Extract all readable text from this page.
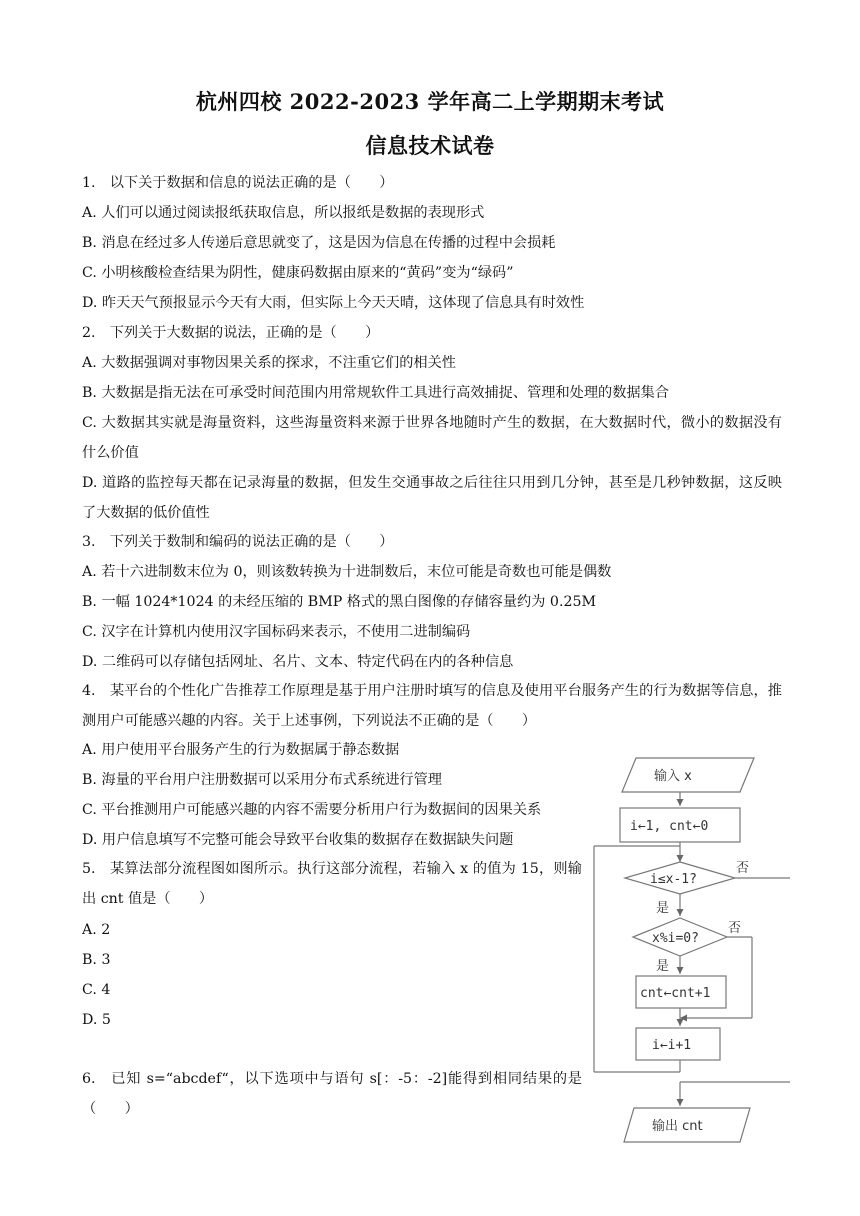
杭州四校 2022-2023 学年高二上学期期末考试
信息技术试卷
1.　以下关于数据和信息的说法正确的是（　　）
A. 人们可以通过阅读报纸获取信息，所以报纸是数据的表现形式
B. 消息在经过多人传递后意思就变了，这是因为信息在传播的过程中会损耗
C. 小明核酸检查结果为阴性，健康码数据由原来的“黄码”变为“绿码”
D. 昨天天气预报显示今天有大雨，但实际上今天天晴，这体现了信息具有时效性
2.　下列关于大数据的说法，正确的是（　　）
A. 大数据强调对事物因果关系的探求，不注重它们的相关性
B. 大数据是指无法在可承受时间范围内用常规软件工具进行高效捕捉、管理和处理的数据集合
C. 大数据其实就是海量资料，这些海量资料来源于世界各地随时产生的数据，在大数据时代，微小的数据没有什么价值
D. 道路的监控每天都在记录海量的数据，但发生交通事故之后往往只用到几分钟，甚至是几秒钟数据，这反映了大数据的低价值性
3.　下列关于数制和编码的说法正确的是（　　）
A. 若十六进制数末位为 0，则该数转换为十进制数后，末位可能是奇数也可能是偶数
B. 一幅 1024*1024 的未经压缩的 BMP 格式的黑白图像的存储容量约为 0.25M
C. 汉字在计算机内使用汉字国标码来表示，不使用二进制编码
D. 二维码可以存储包括网址、名片、文本、特定代码在内的各种信息
4.　某平台的个性化广告推荐工作原理是基于用户注册时填写的信息及使用平台服务产生的行为数据等信息，推测用户可能感兴趣的内容。关于上述事例，下列说法不正确的是（　　）
A. 用户使用平台服务产生的行为数据属于静态数据
B. 海量的平台用户注册数据可以采用分布式系统进行管理
C. 平台推测用户可能感兴趣的内容不需要分析用户行为数据间的因果关系
D. 用户信息填写不完整可能会导致平台收集的数据存在数据缺失问题
5.　某算法部分流程图如图所示。执行这部分流程，若输入 x 的值为 15，则输出 cnt 值是（　　）
A. 2
B. 3
C. 4
D. 5
6.　已知 s=“abcdef“，以下选项中与语句 s[：-5：-2]能得到相同结果的是（　　）
输入 x
i←1, cnt←0
i≤x-1?
否
是
x%i=0?
否
是
cnt←cnt+1
i←i+1
输出 cnt
